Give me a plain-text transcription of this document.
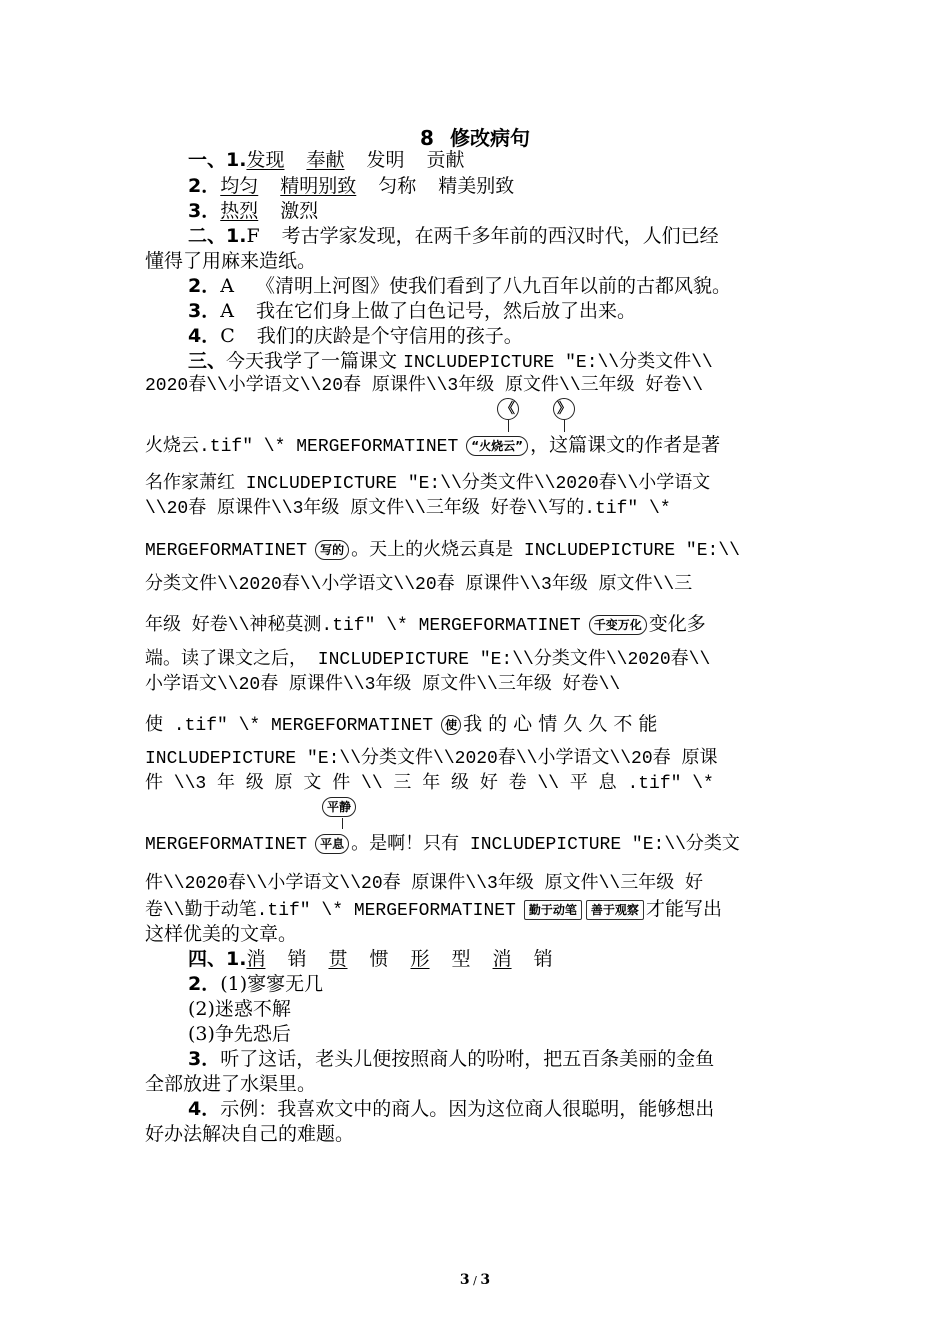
8 修改病句
一、1.发现 奉献 发明 贡献
2．均匀 精明别致 匀称 精美别致
3．热烈 激烈
二、1.F 考古学家发现，在两千多年前的西汉时代，人们已经
懂得了用麻来造纸。
2．A 《清明上河图》使我们看到了八九百年以前的古都风貌。
3．A 我在它们身上做了白色记号，然后放了出来。
4．C 我们的庆龄是个守信用的孩子。
三、今天我学了一篇课文 INCLUDEPICTURE "E:\\分类文件\\
2020春\\小学语文\\20春 原课件\\3年级 原文件\\三年级 好卷\\
《	》
火烧云.tif" \* MERGEFORMATINET “火烧云” ，这篇课文的作者是著
名作家萧红 INCLUDEPICTURE "E:\\分类文件\\2020春\\小学语文
\\20春 原课件\\3年级 原文件\\三年级 好卷\\写的.tif" \*
MERGEFORMATINET 写的 。天上的火烧云真是 INCLUDEPICTURE "E:\\
分类文件\\2020春\\小学语文\\20春 原课件\\3年级 原文件\\三
年级 好卷\\神秘莫测.tif" \* MERGEFORMATINET 千变万化 变化多
端。读了课文之后， INCLUDEPICTURE "E:\\分类文件\\2020春\\
小学语文\\20春 原课件\\3年级 原文件\\三年级 好卷\\
使 .tif" \* MERGEFORMATINET 使 我 的 心 情 久 久 不 能
INCLUDEPICTURE "E:\\分类文件\\2020春\\小学语文\\20春 原课
件 \\3 年 级 原 文 件 \\ 三 年 级 好 卷 \\ 平 息 .tif" \*
平静
MERGEFORMATINET 平息 。是啊！只有 INCLUDEPICTURE "E:\\分类文
件\\2020春\\小学语文\\20春 原课件\\3年级 原文件\\三年级 好
卷\\勤于动笔.tif" \* MERGEFORMATINET 勤于动笔 善于观察 才能写出
这样优美的文章。
四、1.消 销 贯 惯 形 型 消 销
2．(1)寥寥无几
(2)迷惑不解
(3)争先恐后
3．听了这话，老头儿便按照商人的吩咐，把五百条美丽的金鱼
全部放进了水渠里。
4．示例：我喜欢文中的商人。因为这位商人很聪明，能够想出
好办法解决自己的难题。
3 / 3
